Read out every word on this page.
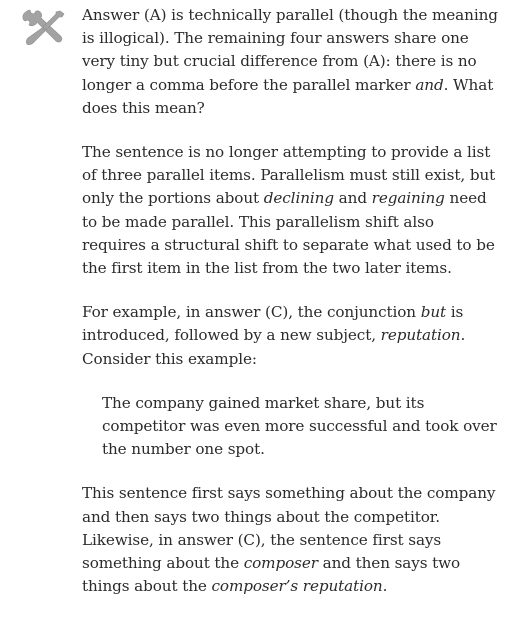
Answer (A) is technically parallel (though the meaning is illogical). The remaining four answers share one very tiny but crucial difference from (A): there is no longer a comma before the parallel marker and. What does this mean?

The sentence is no longer attempting to provide a list of three parallel items. Parallelism must still exist, but only the portions about declining and regaining need to be made parallel. This parallelism shift also requires a structural shift to separate what used to be the first item in the list from the two later items.

For example, in answer (C), the conjunction but is introduced, followed by a new subject, reputation. Consider this example:

The company gained market share, but its competitor was even more successful and took over the number one spot.

This sentence first says something about the company and then says two things about the competitor. Likewise, in answer (C), the sentence first says something about the composer and then says two things about the composer’s reputation.
